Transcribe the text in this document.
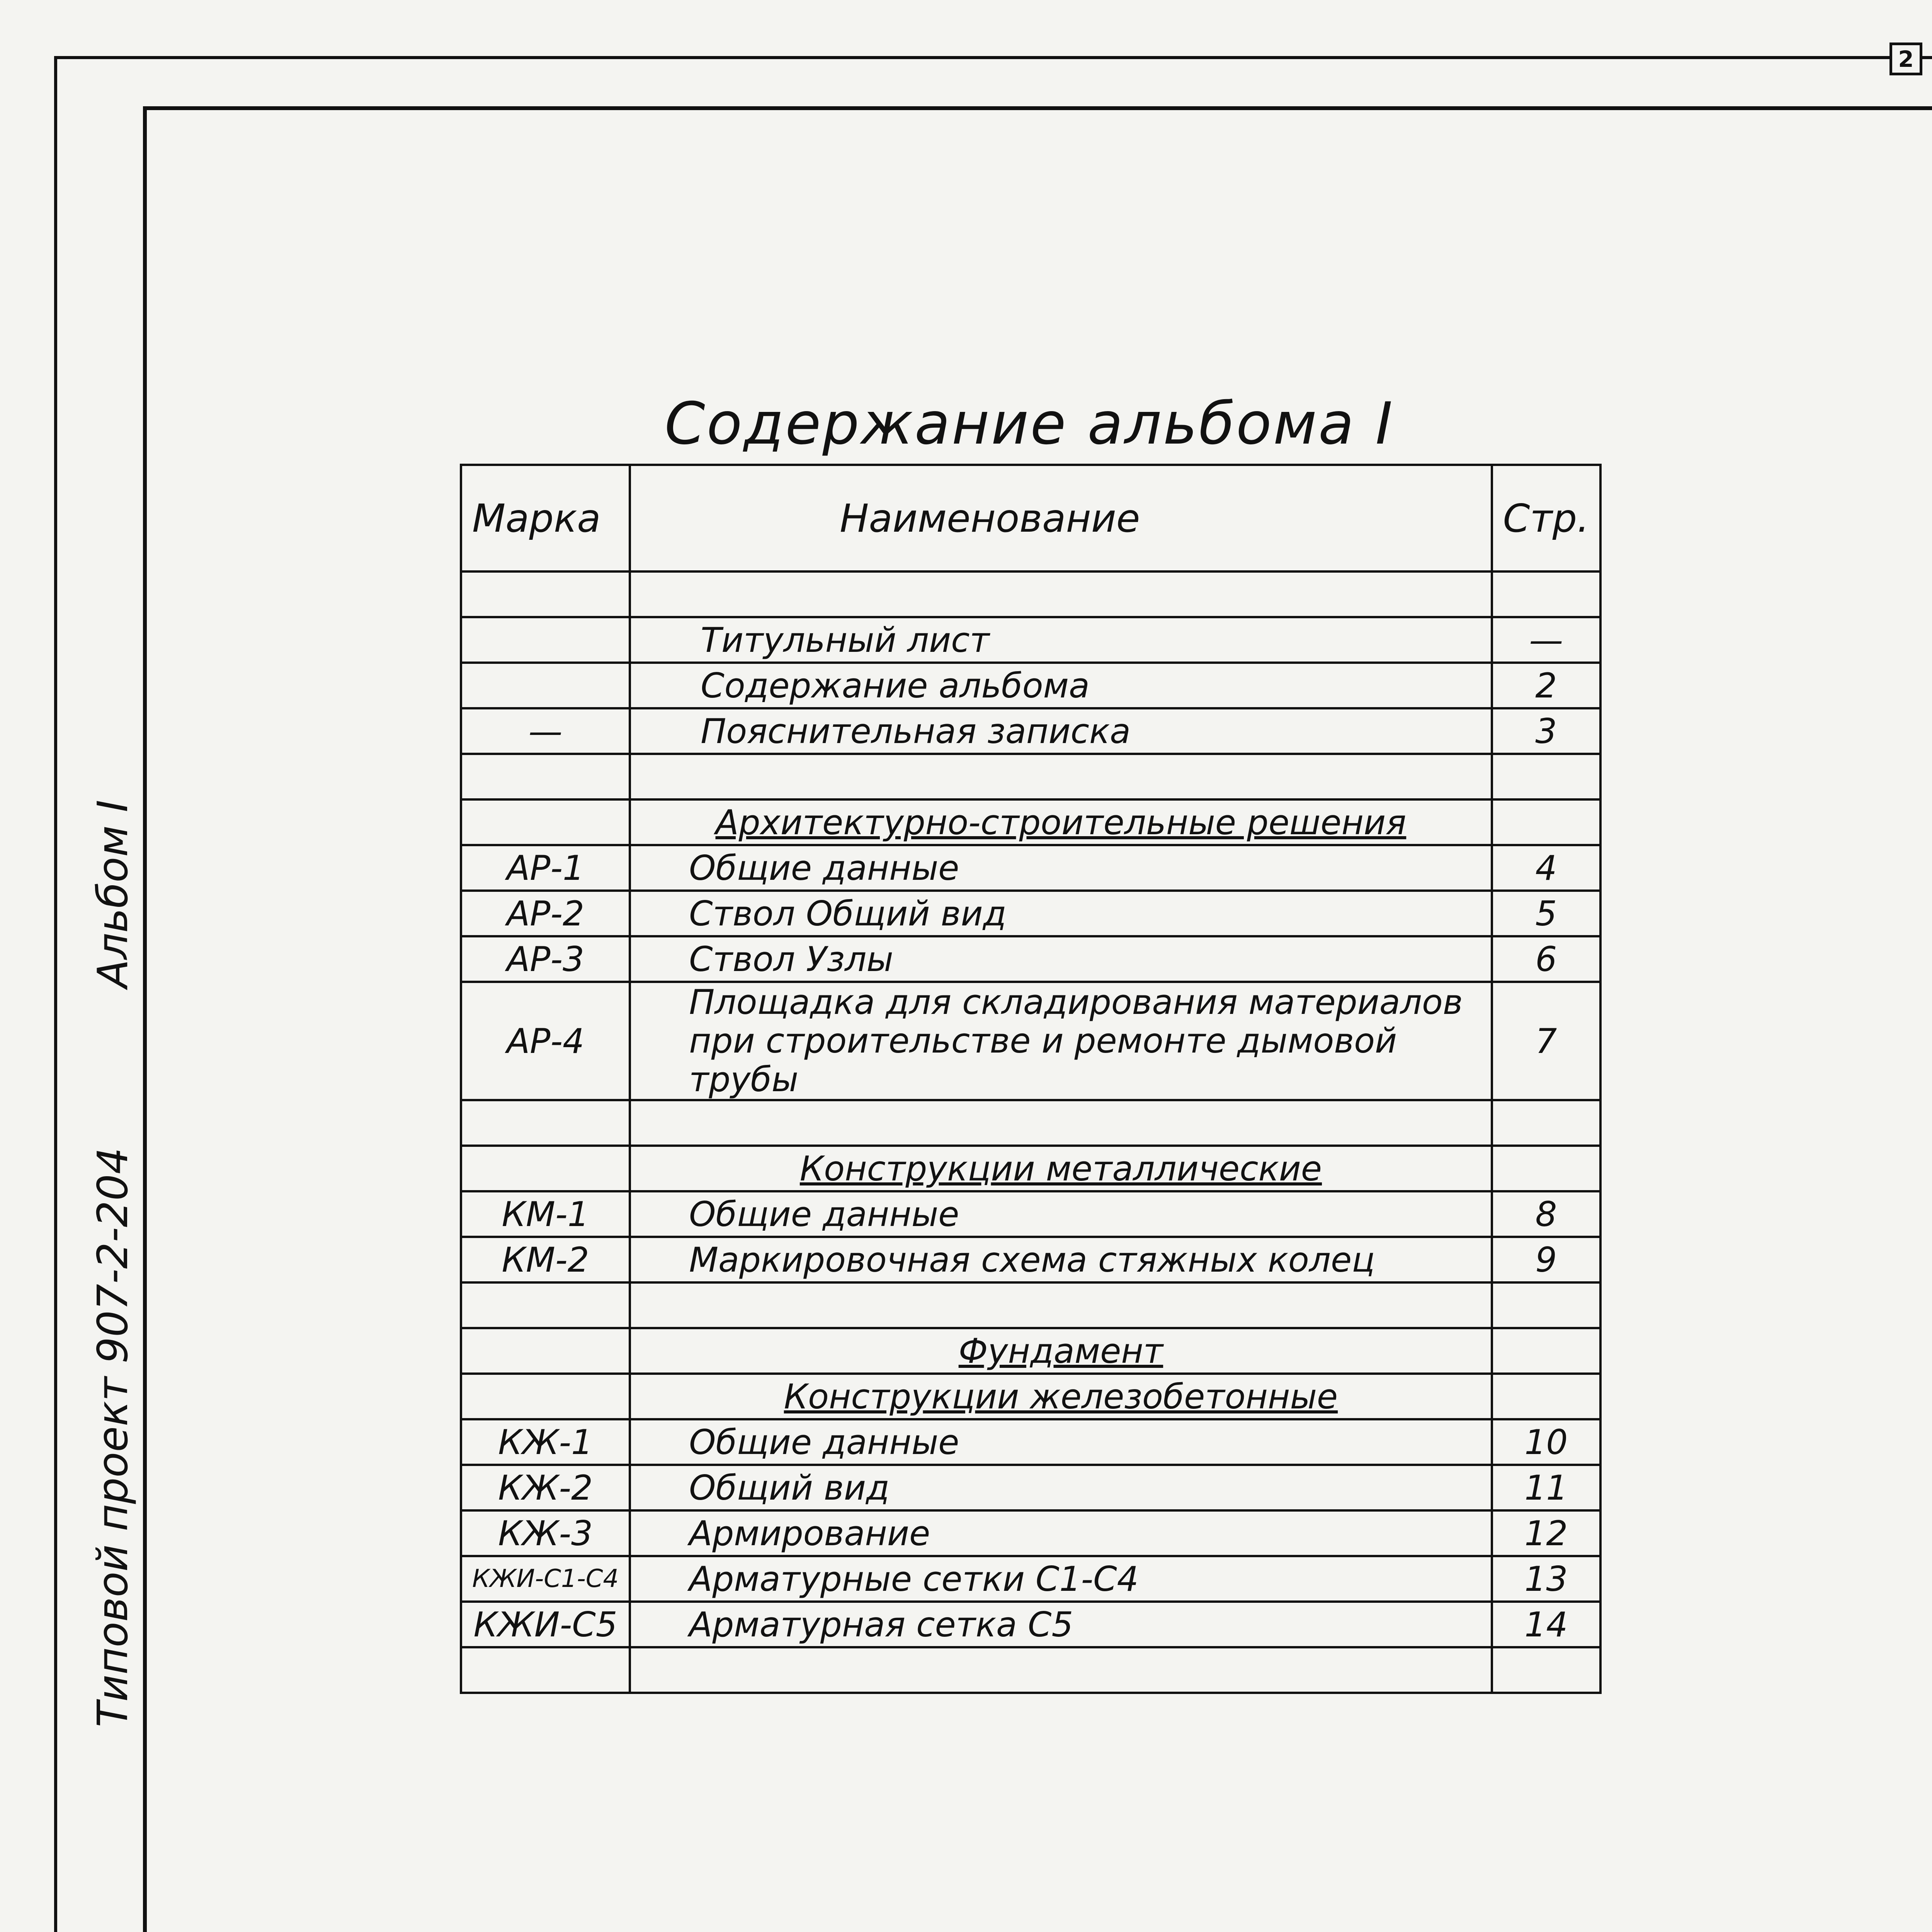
2
Типовой проект 907-2-204
Альбом I
Содержание альбома I
Марка	Наименование	Стр.

	Титульный лист	—
	Содержание альбома	2
—	Пояснительная записка	3

	Архитектурно-строительные решения	
АР-1	Общие данные	4
АР-2	Ствол Общий вид	5
АР-3	Ствол Узлы	6
АР-4	Площадка для складирования материалов при строительстве и ремонте дымовой трубы	7

	Конструкции металлические	
КМ-1	Общие данные	8
КМ-2	Маркировочная схема стяжных колец	9

	Фундамент	
	Конструкции железобетонные	
КЖ-1	Общие данные	10
КЖ-2	Общий вид	11
КЖ-3	Армирование	12
КЖИ-С1-С4	Арматурные сетки С1-С4	13
КЖИ-С5	Арматурная сетка С5	14
